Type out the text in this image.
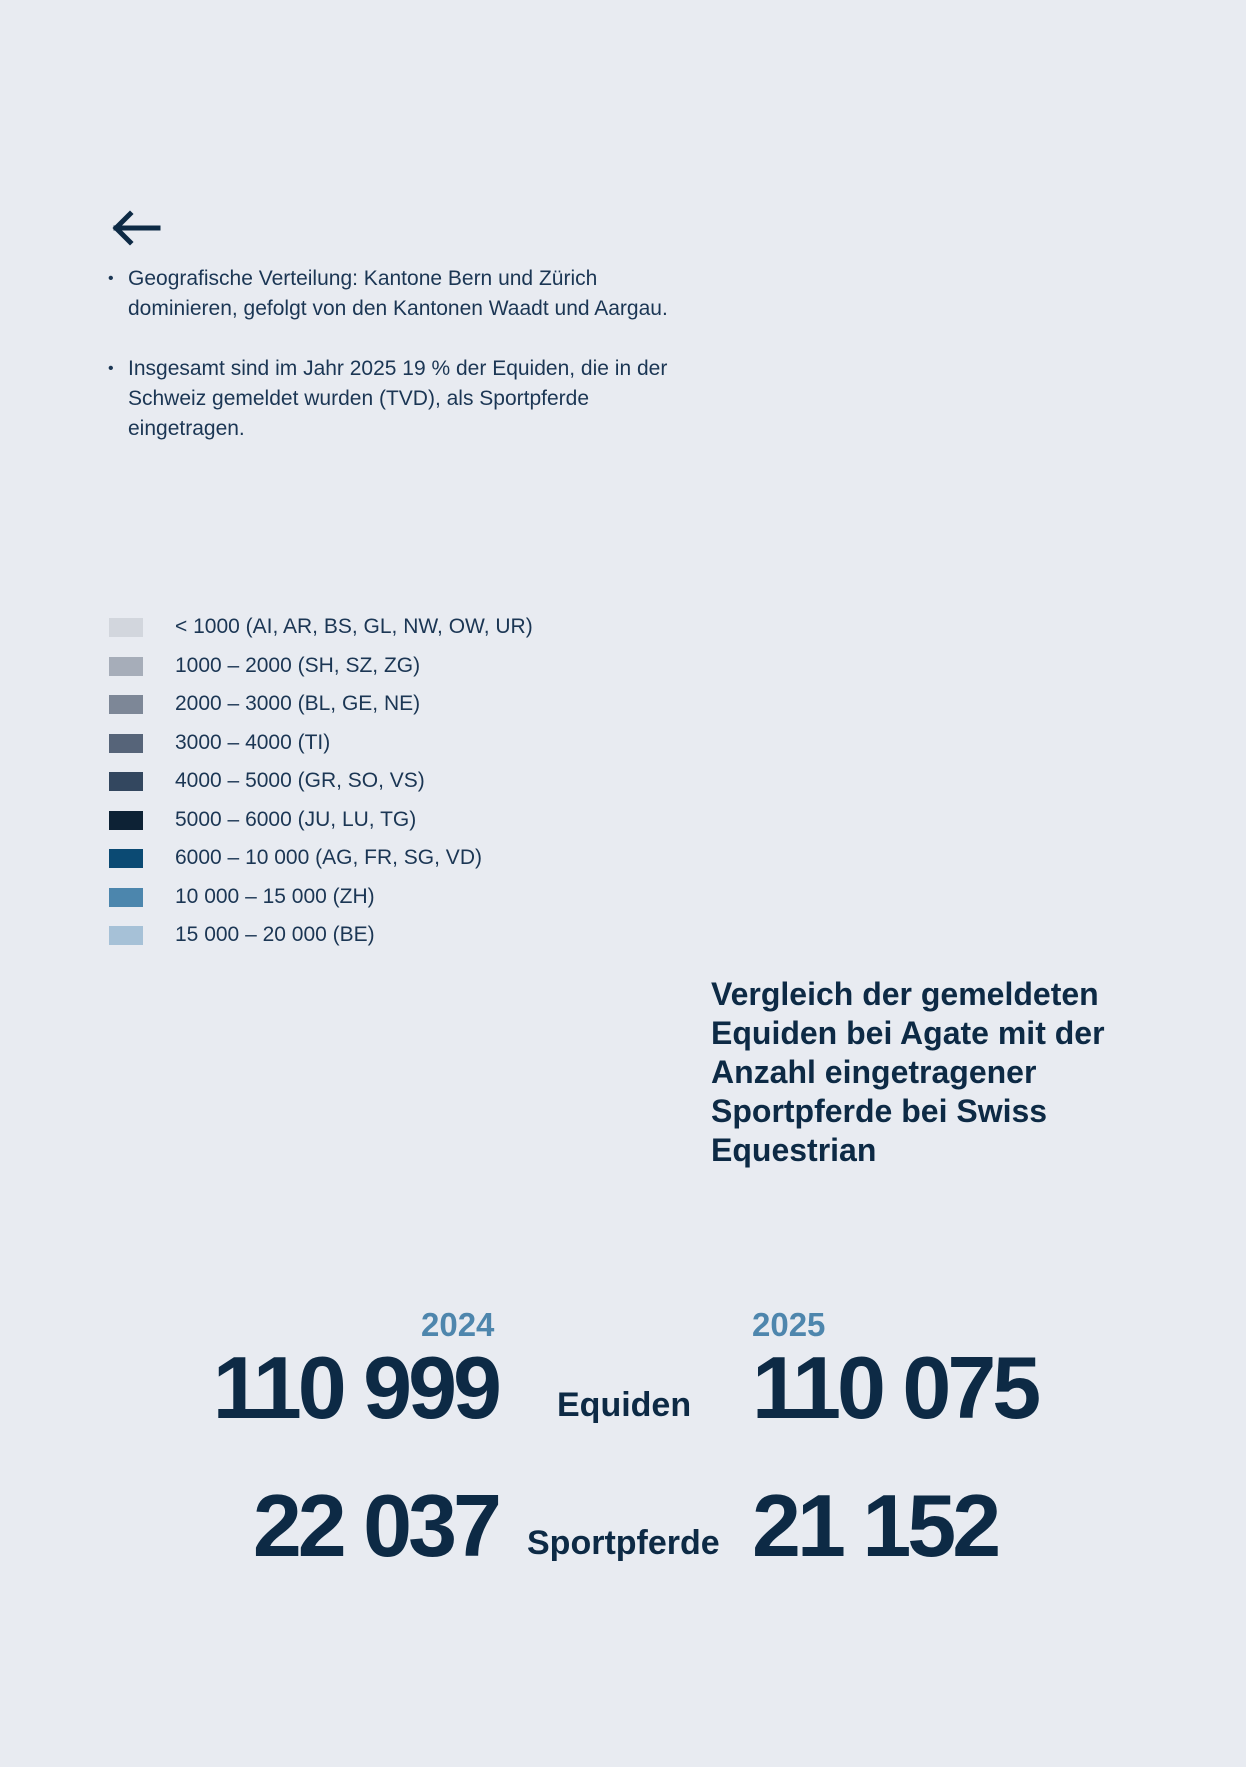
• Geografische Verteilung: Kantone Bern und Zürich dominieren, gefolgt von den Kantonen Waadt und Aargau.
• Insgesamt sind im Jahr 2025 19 % der Equiden, die in der Schweiz gemeldet wurden (TVD), als Sportpferde eingetragen.
< 1000 (AI, AR, BS, GL, NW, OW, UR)
1000 – 2000 (SH, SZ, ZG)
2000 – 3000 (BL, GE, NE)
3000 – 4000 (TI)
4000 – 5000 (GR, SO, VS)
5000 – 6000 (JU, LU, TG)
6000 – 10 000 (AG, FR, SG, VD)
10 000 – 15 000 (ZH)
15 000 – 20 000 (BE)
Vergleich der gemeldeten Equiden bei Agate mit der Anzahl eingetragener Sportpferde bei Swiss Equestrian
2024	2025
110 999 Equiden 110 075
22 037 Sportpferde 21 152
